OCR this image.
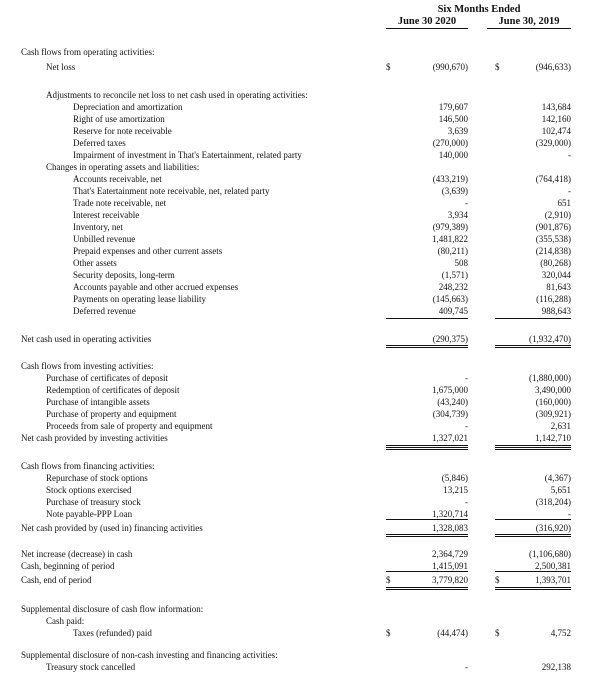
Six Months Ended
June 30 2020	June 30, 2019
Cash flows from operating activities:
Net loss	$	(990,670)	$	(946,633)
Adjustments to reconcile net loss to net cash used in operating activities:
Depreciation and amortization	179,607	143,684
Right of use amortization	146,500	142,160
Reserve for note receivable	3,639	102,474
Deferred taxes	(270,000)	(329,000)
Impairment of investment in That's Eatertainment, related party	140,000	-
Changes in operating assets and liabilities:
Accounts receivable, net	(433,219)	(764,418)
That's Eatertainment note receivable, net, related party	(3,639)	-
Trade note receivable, net	-	651
Interest receivable	3,934	(2,910)
Inventory, net	(979,389)	(901,876)
Unbilled revenue	1,481,822	(355,538)
Prepaid expenses and other current assets	(80,211)	(214,838)
Other assets	508	(80,268)
Security deposits, long-term	(1,571)	320,044
Accounts payable and other accrued expenses	248,232	81,643
Payments on operating lease liability	(145,663)	(116,288)
Deferred revenue	409,745	988,643
Net cash used in operating activities	(290,375)	(1,932,470)
Cash flows from investing activities:
Purchase of certificates of deposit	-	(1,880,000)
Redemption of certificates of deposit	1,675,000	3,490,000
Purchase of intangible assets	(43,240)	(160,000)
Purchase of property and equipment	(304,739)	(309,921)
Proceeds from sale of property and equipment	-	2,631
Net cash provided by investing activities	1,327,021	1,142,710
Cash flows from financing activities:
Repurchase of stock options	(5,846)	(4,367)
Stock options exercised	13,215	5,651
Purchase of treasury stock	-	(318,204)
Note payable-PPP Loan	1,320,714	-
Net cash provided by (used in) financing activities	1,328,083	(316,920)
Net increase (decrease) in cash	2,364,729	(1,106,680)
Cash, beginning of period	1,415,091	2,500,381
Cash, end of period	$	3,779,820	$	1,393,701
Supplemental disclosure of cash flow information:
Cash paid:
Taxes (refunded) paid	$	(44,474)	$	4,752
Supplemental disclosure of non-cash investing and financing activities:
Treasury stock cancelled	-	292,138
